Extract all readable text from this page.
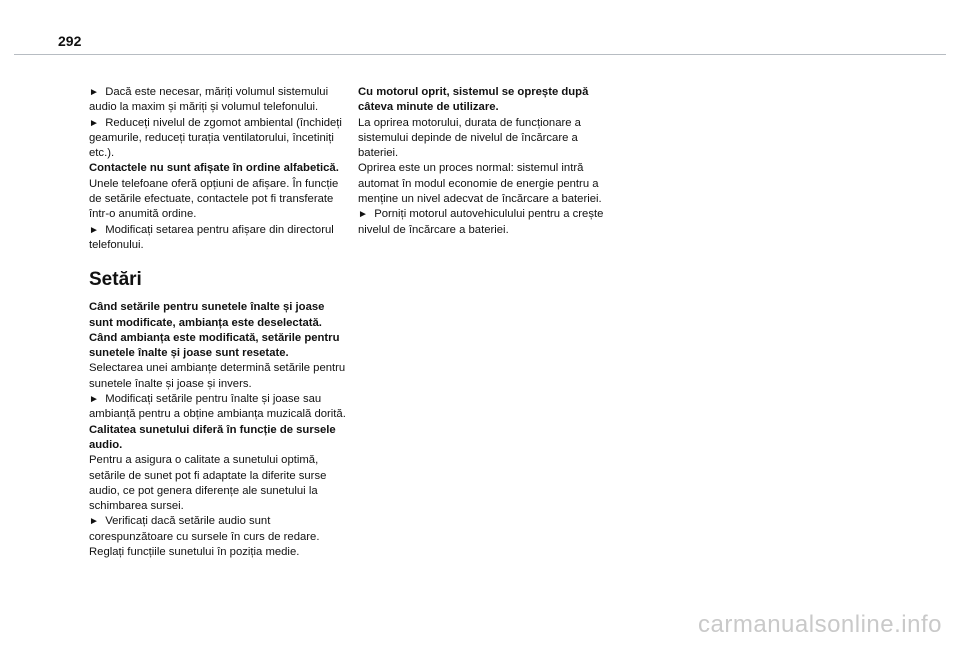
292

► Dacă este necesar, măriți volumul sistemului audio la maxim și măriți și volumul telefonului.

► Reduceți nivelul de zgomot ambiental (închideți geamurile, reduceți turația ventilatorului, încetiniți etc.).

Contactele nu sunt afișate în ordine alfabetică.

Unele telefoane oferă opțiuni de afișare. În funcție de setările efectuate, contactele pot fi transferate într-o anumită ordine.

► Modificați setarea pentru afișare din directorul telefonului.

Setări

Când setările pentru sunetele înalte și joase sunt modificate, ambianța este deselectată.

Când ambianța este modificată, setările pentru sunetele înalte și joase sunt resetate.

Selectarea unei ambianțe determină setările pentru sunetele înalte și joase și invers.

► Modificați setările pentru înalte și joase sau ambianță pentru a obține ambianța muzicală dorită.

Calitatea sunetului diferă în funcție de sursele audio.

Pentru a asigura o calitate a sunetului optimă, setările de sunet pot fi adaptate la diferite surse audio, ce pot genera diferențe ale sunetului la schimbarea sursei.

► Verificați dacă setările audio sunt corespunzătoare cu sursele în curs de redare. Reglați funcțiile sunetului în poziția medie.

Cu motorul oprit, sistemul se oprește după câteva minute de utilizare.

La oprirea motorului, durata de funcționare a sistemului depinde de nivelul de încărcare a bateriei.

Oprirea este un proces normal: sistemul intră automat în modul economie de energie pentru a menține un nivel adecvat de încărcare a bateriei.

► Porniți motorul autovehiculului pentru a crește nivelul de încărcare a bateriei.

carmanualsonline.info
